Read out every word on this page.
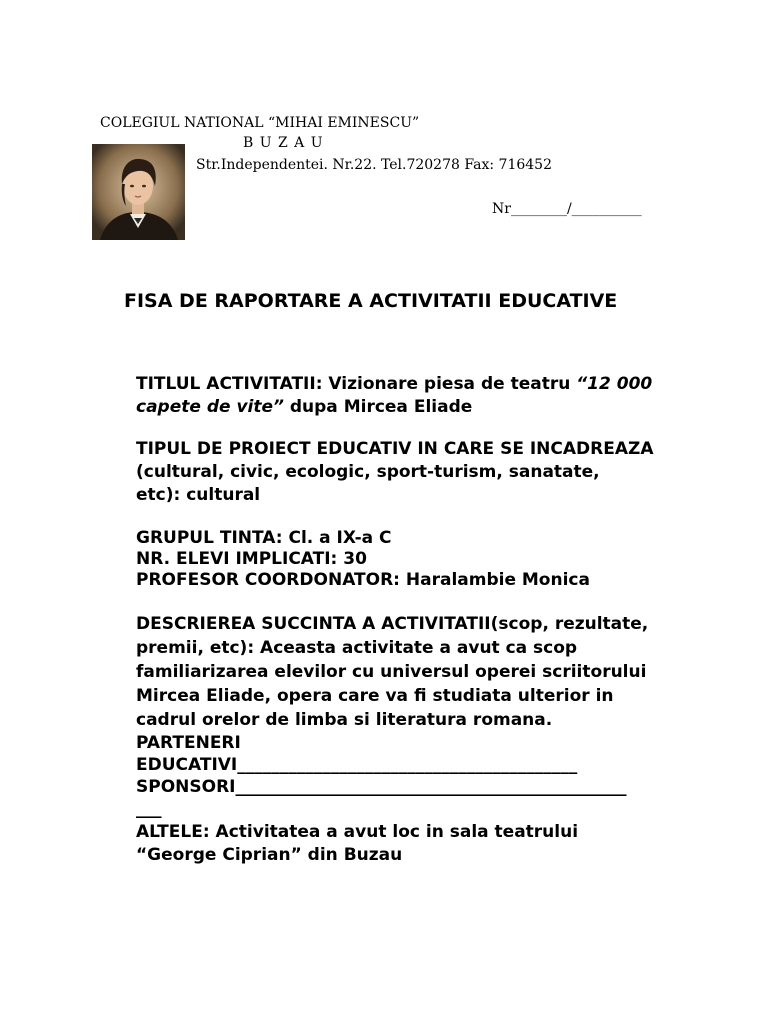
COLEGIUL NATIONAL “MIHAI EMINESCU”
B U Z A U
Str.Independentei. Nr.22. Tel.720278 Fax: 716452
Nr________/__________
FISA DE RAPORTARE A ACTIVITATII EDUCATIVE

TITLUL ACTIVITATII: Vizionare piesa de teatru “12 000

capete de vite” dupa Mircea Eliade

TIPUL DE PROIECT EDUCATIV IN CARE SE INCADREAZA

(cultural, civic, ecologic, sport-turism, sanatate,

etc): cultural

GRUPUL TINTA: Cl. a IX-a C

NR. ELEVI IMPLICATI: 30

PROFESOR COORDONATOR: Haralambie Monica

DESCRIEREA SUCCINTA A ACTIVITATII(scop, rezultate,

premii, etc): Aceasta activitate a avut ca scop

familiarizarea elevilor cu universul operei scriitorului

Mircea Eliade, opera care va fi studiata ulterior in

cadrul orelor de limba si literatura romana.

PARTENERI

EDUCATIVI________________________________________

SPONSORI______________________________________________

___

ALTELE: Activitatea a avut loc in sala teatrului

“George Ciprian” din Buzau
